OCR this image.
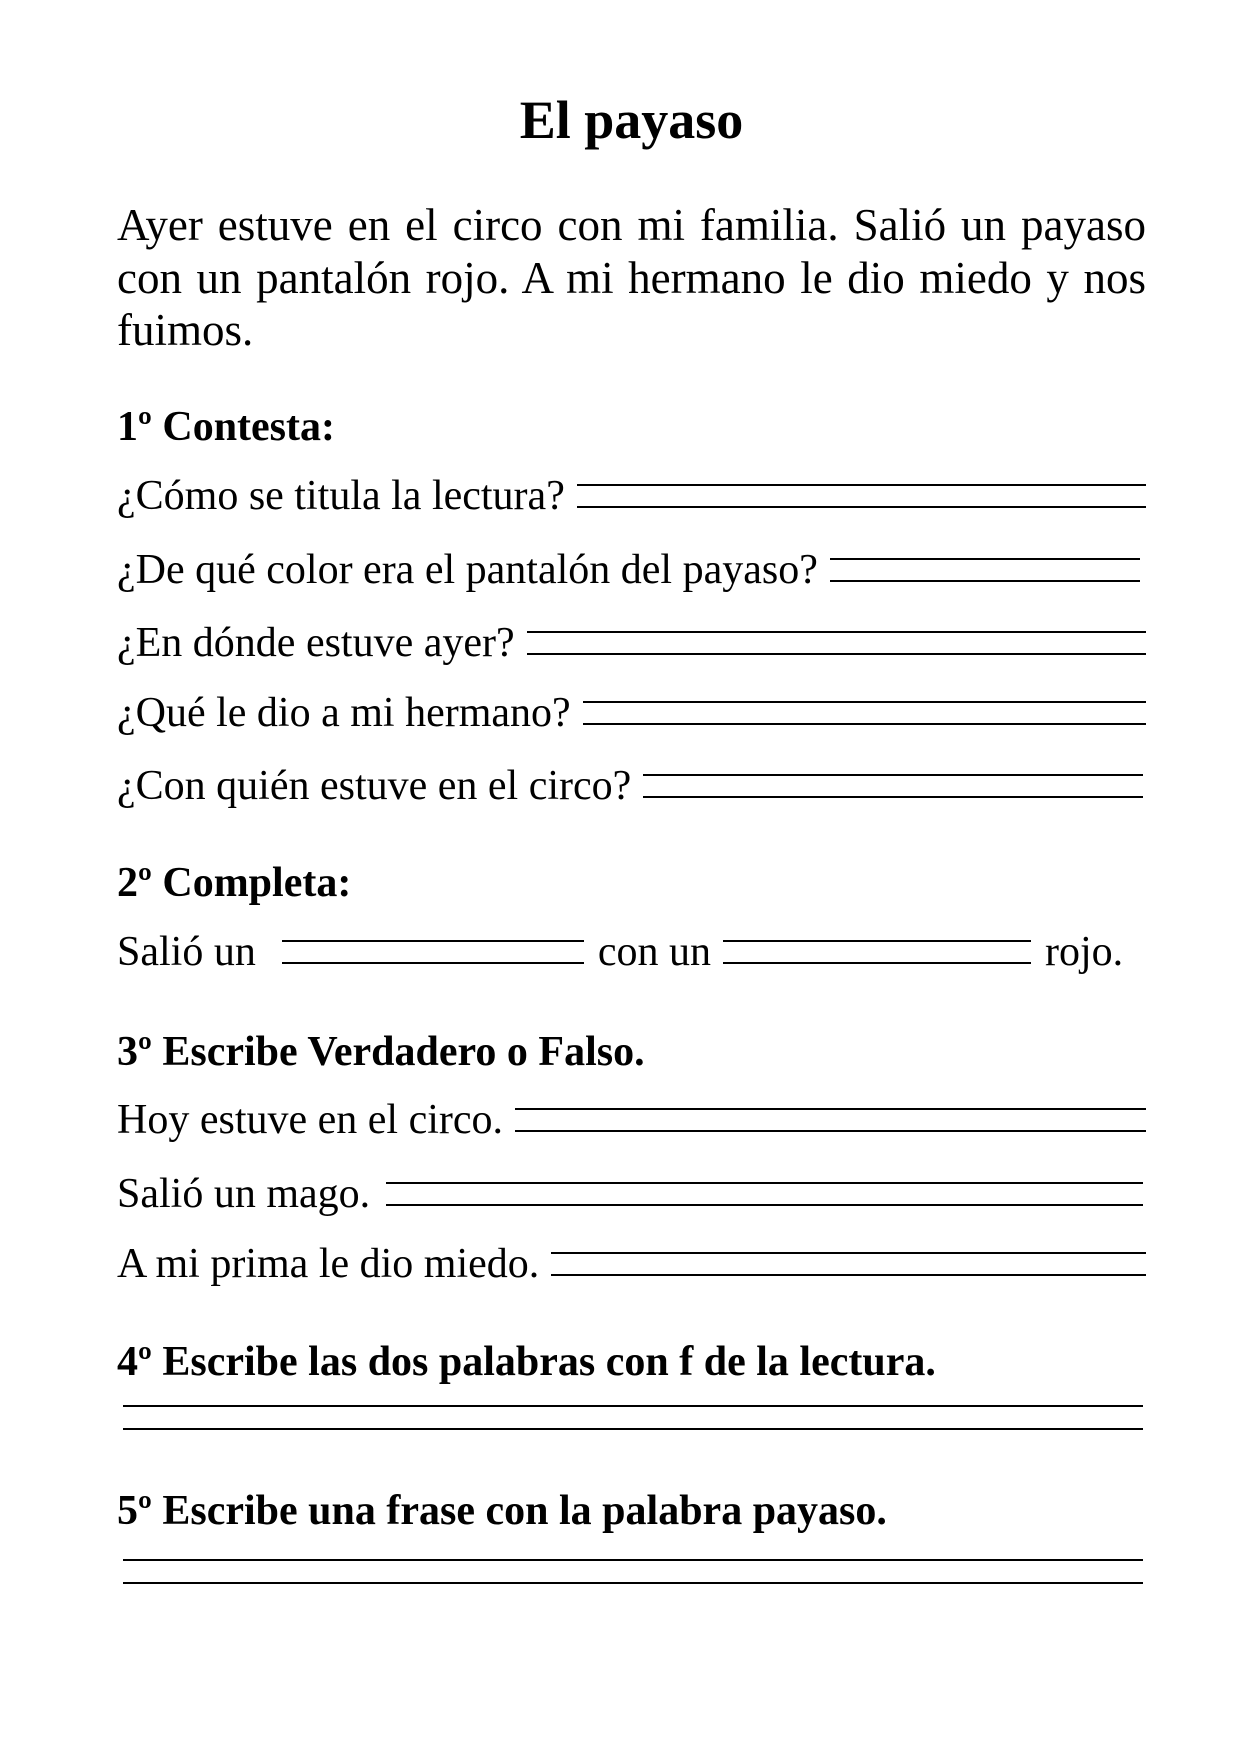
El payaso

Ayer estuve en el circo con mi familia. Salió un payaso con un pantalón rojo. A mi hermano le dio miedo y nos fuimos.

1º Contesta:
¿Cómo se titula la lectura?
¿De qué color era el pantalón del payaso?
¿En dónde estuve ayer?
¿Qué le dio a mi hermano?
¿Con quién estuve en el circo?
2º Completa:
Salió un	con un	rojo.
3º Escribe Verdadero o Falso.
Hoy estuve en el circo.
Salió un mago.
A mi prima le dio miedo.
4º Escribe las dos palabras con f de la lectura.
5º Escribe una frase con la palabra payaso.
